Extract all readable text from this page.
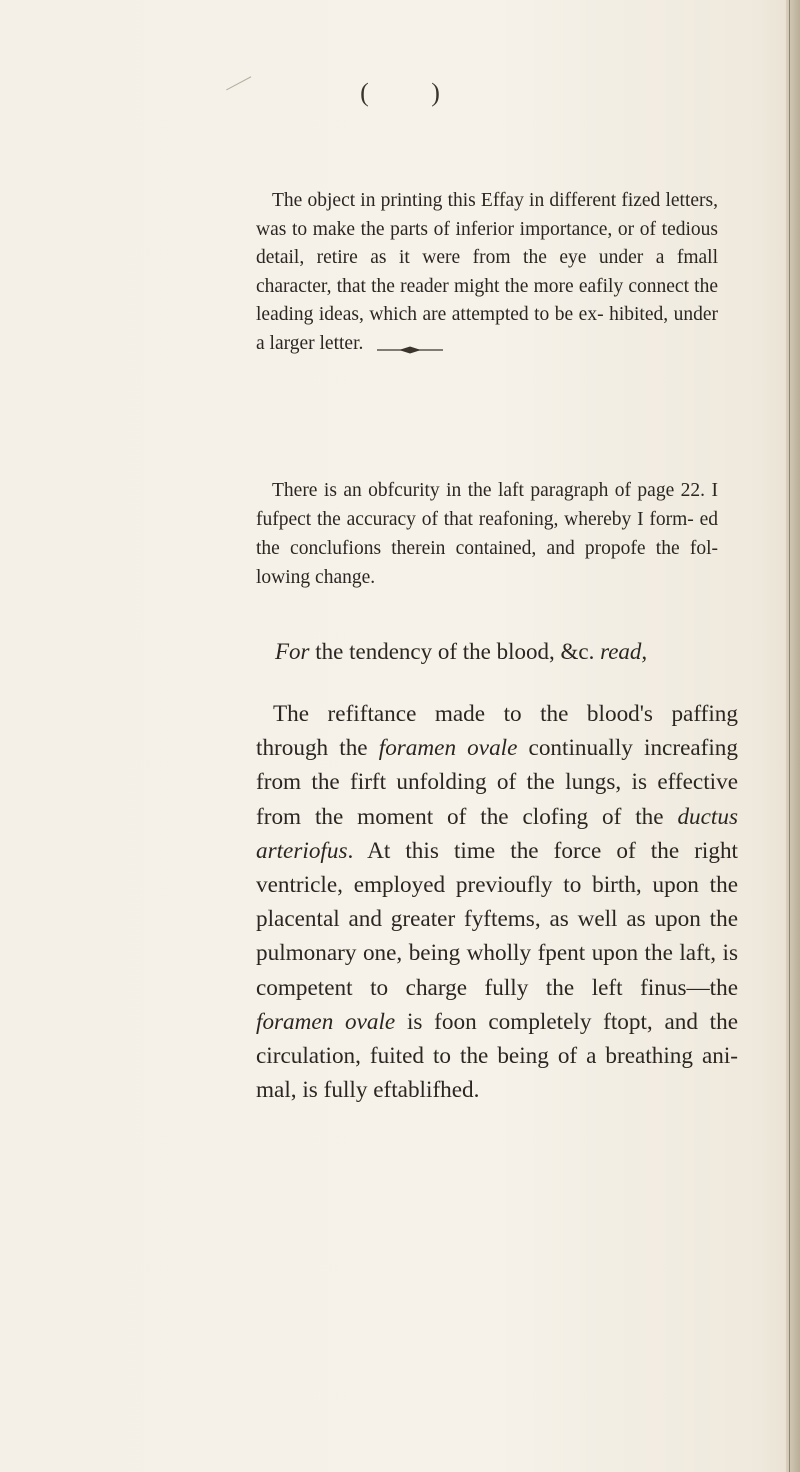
( )
The object in printing this Effay in different fized letters, was to make the parts of inferior importance, or of tedious detail, retire as it were from the eye under a fmall character, that the reader might the more eafily connect the leading ideas, which are attempted to be ex- hibited, under a larger letter.
There is an obfcurity in the laft paragraph of page 22. I fufpect the accuracy of that reafoning, whereby I form- ed the conclufions therein contained, and propofe the fol- lowing change.
For the tendency of the blood, &c. read,
The refiftance made to the blood's paffing through the foramen ovale continually increafing from the firft unfolding of the lungs, is effective from the moment of the clofing of the ductus arteriofus. At this time the force of the right ventricle, employed previoufly to birth, upon the placental and greater fyftems, as well as upon the pulmonary one, being wholly fpent upon the laft, is competent to charge fully the left finus—the foramen ovale is foon completely ftopt, and the circulation, fuited to the being of a breathing ani- mal, is fully eftablifhed.
